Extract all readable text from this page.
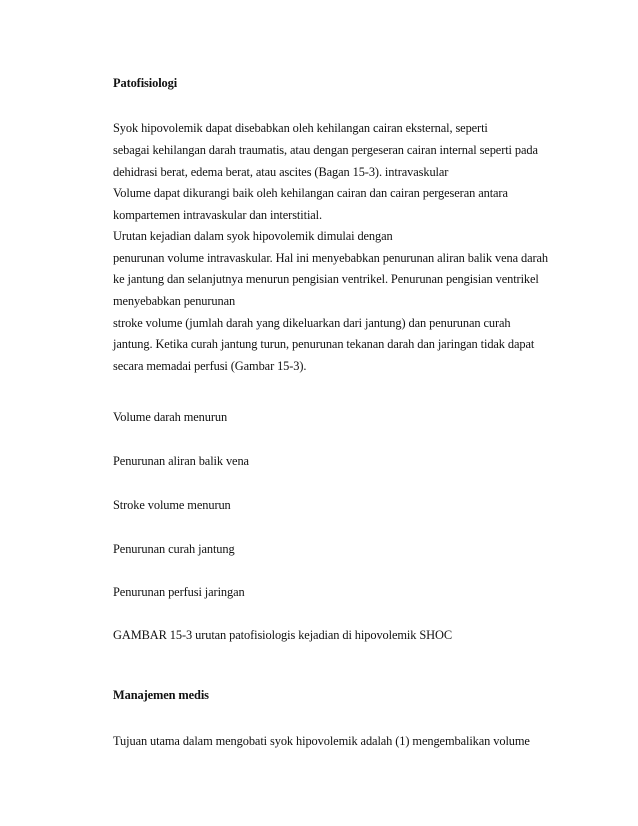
Patofisiologi
Syok hipovolemik dapat disebabkan oleh kehilangan cairan eksternal, seperti
sebagai kehilangan darah traumatis, atau dengan pergeseran cairan internal seperti pada
dehidrasi berat, edema berat, atau ascites (Bagan 15-3). intravaskular
Volume dapat dikurangi baik oleh kehilangan cairan dan cairan pergeseran antara
kompartemen intravaskular dan interstitial.
Urutan kejadian dalam syok hipovolemik dimulai dengan
penurunan volume intravaskular. Hal ini menyebabkan penurunan aliran balik vena darah
ke jantung dan selanjutnya menurun pengisian ventrikel. Penurunan pengisian ventrikel
menyebabkan penurunan
stroke volume (jumlah darah yang dikeluarkan dari jantung) dan penurunan curah
jantung. Ketika curah jantung turun, penurunan tekanan darah dan jaringan tidak dapat
secara memadai perfusi (Gambar 15-3).
Volume darah menurun
Penurunan aliran balik vena
Stroke volume menurun
Penurunan curah jantung
Penurunan perfusi jaringan
GAMBAR 15-3 urutan patofisiologis kejadian di hipovolemik SHOC
Manajemen medis
Tujuan utama dalam mengobati syok hipovolemik adalah (1) mengembalikan volume
